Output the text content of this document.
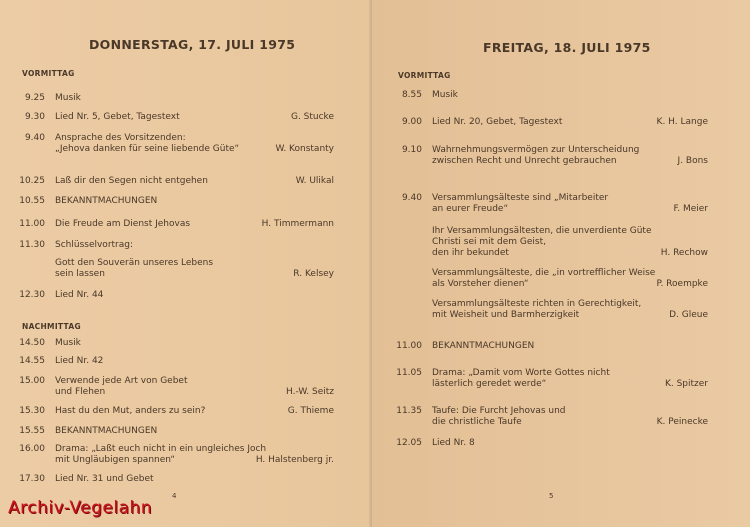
DONNERSTAG, 17. JULI 1975
VORMITTAG
NACHMITTAG
9.25 Musik
9.30 Lied Nr. 5, Gebet, Tagestext	G. Stucke
9.40 Ansprache des Vorsitzenden:
„Jehova danken für seine liebende Güte“	W. Konstanty
10.25 Laß dir den Segen nicht entgehen	W. Ulikal
10.55 BEKANNTMACHUNGEN
11.00 Die Freude am Dienst Jehovas	H. Timmermann
11.30 Schlüsselvortrag:
Gott den Souverän unseres Lebens
sein lassen	R. Kelsey
12.30 Lied Nr. 44
14.50 Musik
14.55 Lied Nr. 42
15.00 Verwende jede Art von Gebet
und Flehen	H.-W. Seitz
15.30 Hast du den Mut, anders zu sein?	G. Thieme
15.55 BEKANNTMACHUNGEN
16.00 Drama: „Laßt euch nicht in ein ungleiches Joch
mit Ungläubigen spannen“	H. Halstenberg jr.
17.30 Lied Nr. 31 und Gebet
4
FREITAG, 18. JULI 1975
VORMITTAG
8.55 Musik
9.00 Lied Nr. 20, Gebet, Tagestext	K. H. Lange
9.10 Wahrnehmungsvermögen zur Unterscheidung
zwischen Recht und Unrecht gebrauchen	J. Bons
9.40 Versammlungsälteste sind „Mitarbeiter
an eurer Freude“	F. Meier
Ihr Versammlungsältesten, die unverdiente Güte
Christi sei mit dem Geist,
den ihr bekundet	H. Rechow
Versammlungsälteste, die „in vortrefflicher Weise
als Vorsteher dienen“	P. Roempke
Versammlungsälteste richten in Gerechtigkeit,
mit Weisheit und Barmherzigkeit	D. Gleue
11.00 BEKANNTMACHUNGEN
11.05 Drama: „Damit vom Worte Gottes nicht
lästerlich geredet werde“	K. Spitzer
11.35 Taufe: Die Furcht Jehovas und
die christliche Taufe	K. Peinecke
12.05 Lied Nr. 8
5
Archiv-Vegelahn
